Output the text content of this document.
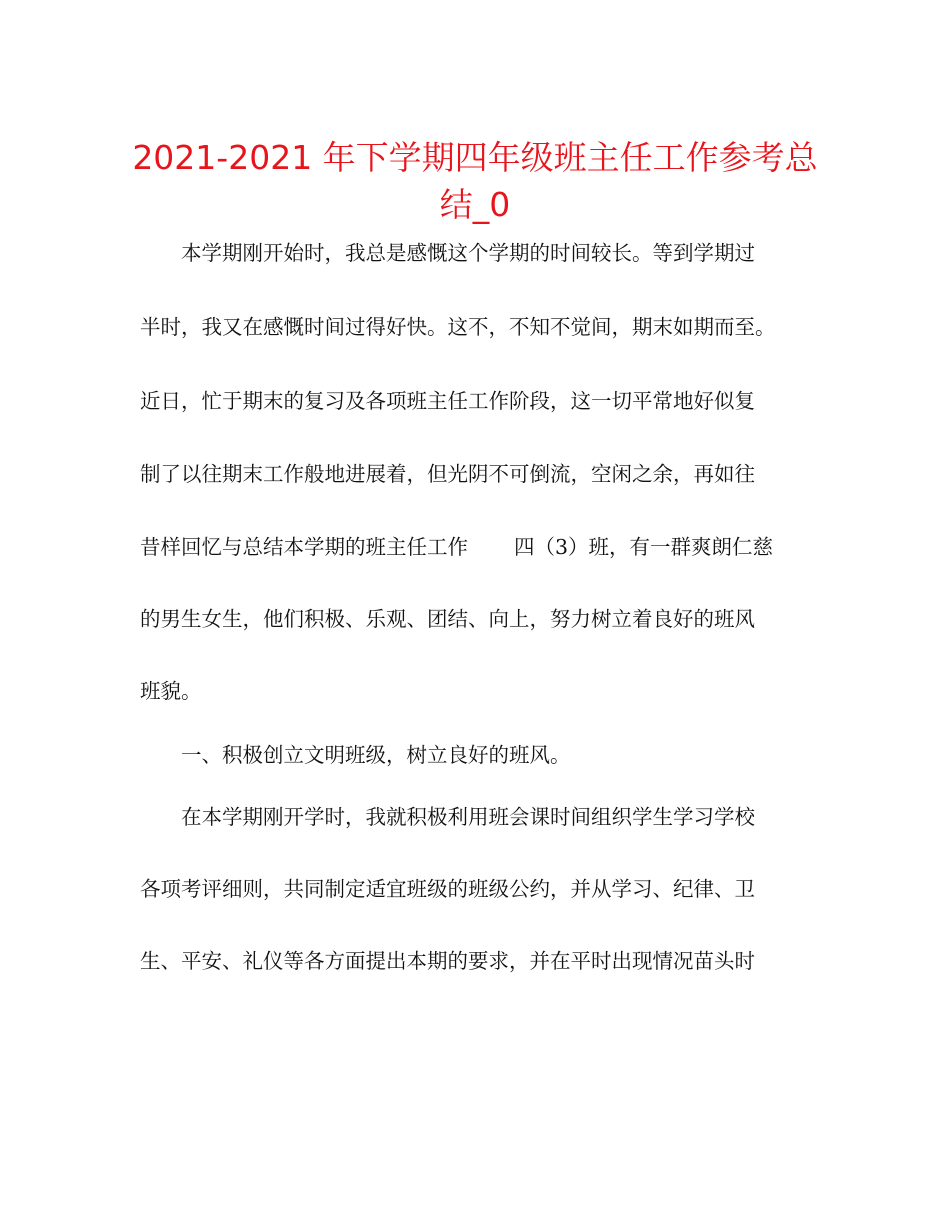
2021-2021 年下学期四年级班主任工作参考总
结_0

　　本学期刚开始时，我总是感慨这个学期的时间较长。等到学期过

半时，我又在感慨时间过得好快。这不，不知不觉间，期末如期而至。

近日，忙于期末的复习及各项班主任工作阶段，这一切平常地好似复

制了以往期末工作般地进展着，但光阴不可倒流，空闲之余，再如往

昔样回忆与总结本学期的班主任工作 四（3）班，有一群爽朗仁慈

的男生女生，他们积极、乐观、团结、向上，努力树立着良好的班风

班貌。

　　一、积极创立文明班级，树立良好的班风。

　　在本学期刚开学时，我就积极利用班会课时间组织学生学习学校

各项考评细则，共同制定适宜班级的班级公约，并从学习、纪律、卫

生、平安、礼仪等各方面提出本期的要求，并在平时出现情况苗头时
